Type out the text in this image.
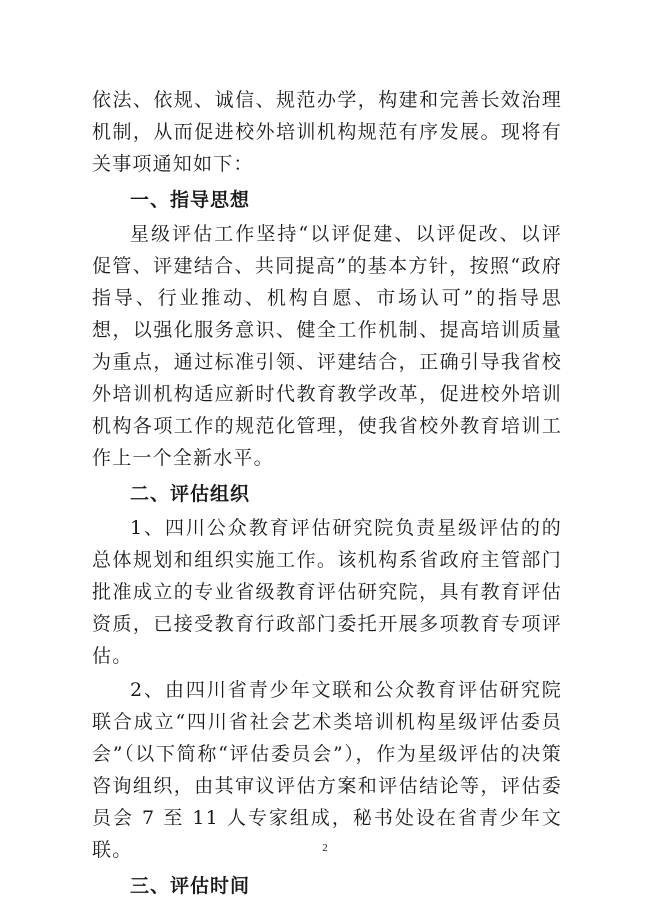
依法、依规、诚信、规范办学，构建和完善长效治理机制，从而促进校外培训机构规范有序发展。现将有关事项通知如下：

一、指导思想

星级评估工作坚持“以评促建、以评促改、以评促管、评建结合、共同提高”的基本方针，按照“政府指导、行业推动、机构自愿、市场认可”的指导思想，以强化服务意识、健全工作机制、提高培训质量为重点，通过标准引领、评建结合，正确引导我省校外培训机构适应新时代教育教学改革，促进校外培训机构各项工作的规范化管理，使我省校外教育培训工作上一个全新水平。

二、评估组织

1、四川公众教育评估研究院负责星级评估的的总体规划和组织实施工作。该机构系省政府主管部门批准成立的专业省级教育评估研究院，具有教育评估资质，已接受教育行政部门委托开展多项教育专项评估。

2、由四川省青少年文联和公众教育评估研究院联合成立“四川省社会艺术类培训机构星级评估委员会”（以下简称“评估委员会”），作为星级评估的决策咨询组织，由其审议评估方案和评估结论等，评估委员会 7 至 11 人专家组成，秘书处设在省青少年文联。

三、评估时间
2
